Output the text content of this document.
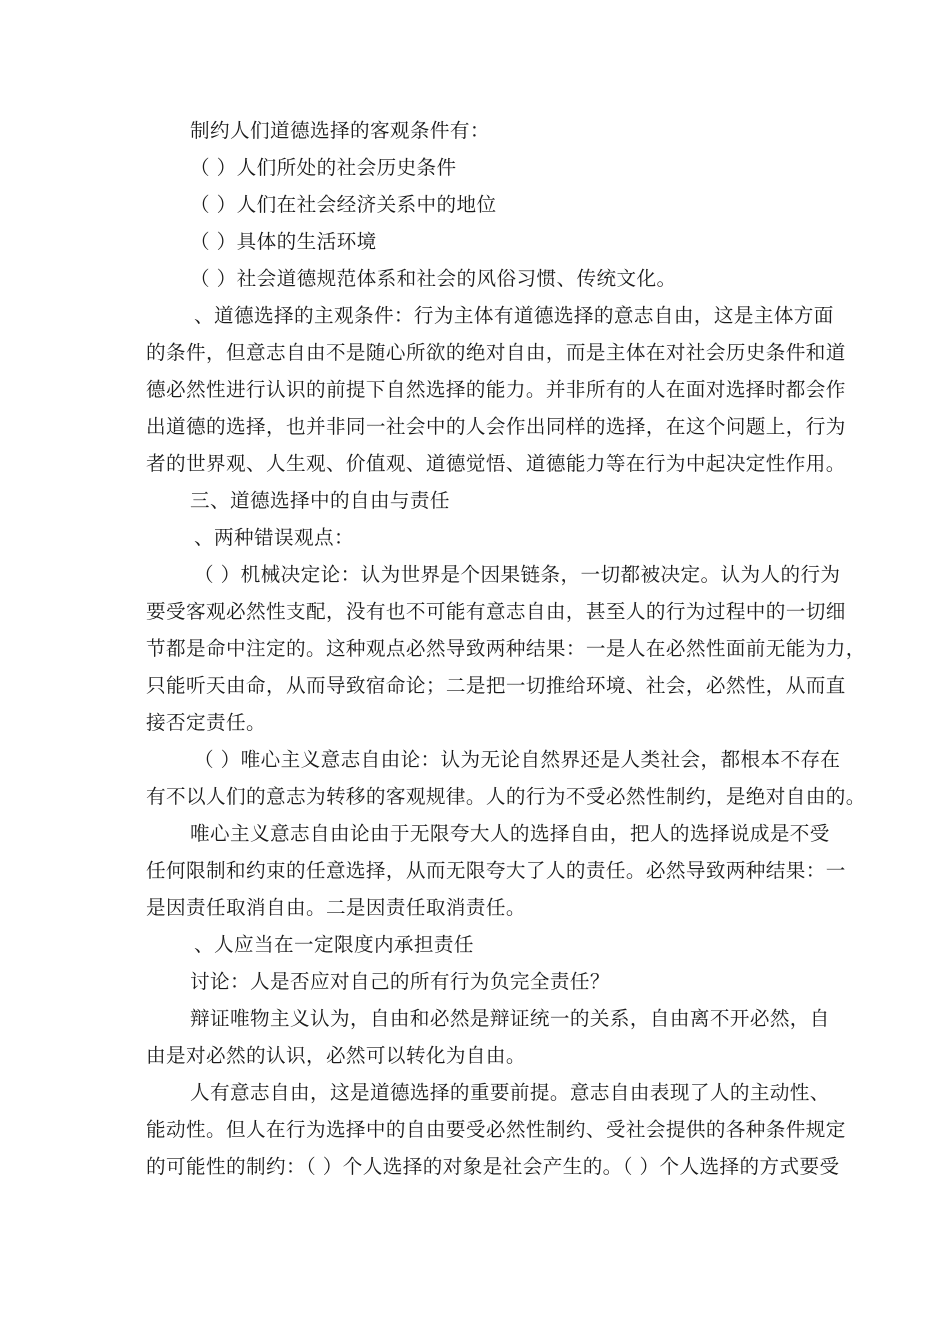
制约人们道德选择的客观条件有：
（ ）人们所处的社会历史条件
（ ）人们在社会经济关系中的地位
（ ）具体的生活环境
（ ）社会道德规范体系和社会的风俗习惯、传统文化。
、道德选择的主观条件：行为主体有道德选择的意志自由，这是主体方面
的条件，但意志自由不是随心所欲的绝对自由，而是主体在对社会历史条件和道
德必然性进行认识的前提下自然选择的能力。并非所有的人在面对选择时都会作
出道德的选择，也并非同一社会中的人会作出同样的选择，在这个问题上，行为
者的世界观、人生观、价值观、道德觉悟、道德能力等在行为中起决定性作用。
三、道德选择中的自由与责任
、两种错误观点：
（ ）机械决定论：认为世界是个因果链条，一切都被决定。认为人的行为
要受客观必然性支配，没有也不可能有意志自由，甚至人的行为过程中的一切细
节都是命中注定的。这种观点必然导致两种结果：一是人在必然性面前无能为力，
只能听天由命，从而导致宿命论；二是把一切推给环境、社会，必然性，从而直
接否定责任。
（ ）唯心主义意志自由论：认为无论自然界还是人类社会，都根本不存在
有不以人们的意志为转移的客观规律。人的行为不受必然性制约，是绝对自由的。
唯心主义意志自由论由于无限夸大人的选择自由，把人的选择说成是不受
任何限制和约束的任意选择，从而无限夸大了人的责任。必然导致两种结果：一
是因责任取消自由。二是因责任取消责任。
、人应当在一定限度内承担责任
讨论：人是否应对自己的所有行为负完全责任？
辩证唯物主义认为，自由和必然是辩证统一的关系，自由离不开必然，自
由是对必然的认识，必然可以转化为自由。
人有意志自由，这是道德选择的重要前提。意志自由表现了人的主动性、
能动性。但人在行为选择中的自由要受必然性制约、受社会提供的各种条件规定
的可能性的制约：（ ）个人选择的对象是社会产生的。（ ）个人选择的方式要受
